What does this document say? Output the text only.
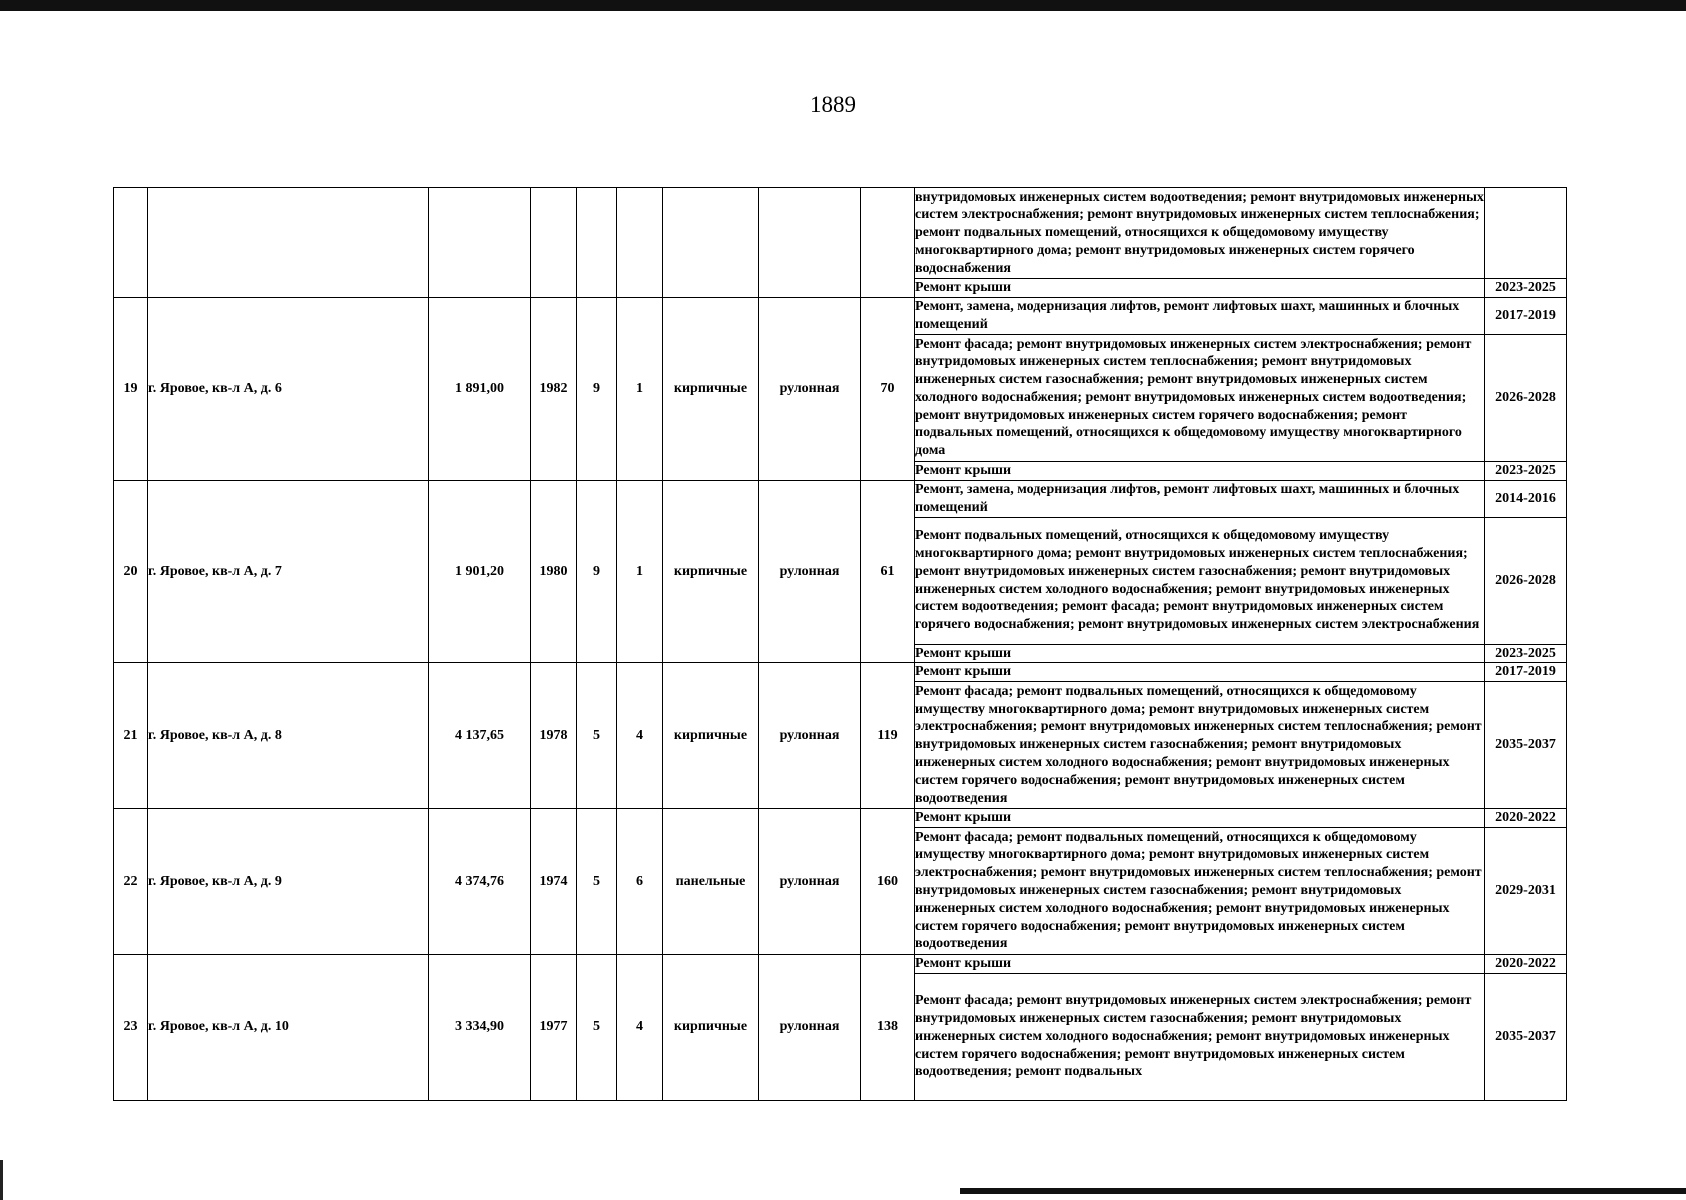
1889
									внутридомовых инженерных систем водоотведения; ремонт внутридомовых инженерных систем электроснабжения; ремонт внутридомовых инженерных систем теплоснабжения; ремонт подвальных помещений, относящихся к общедомовому имуществу многоквартирного дома; ремонт внутридомовых инженерных систем горячего водоснабжения	
									Ремонт крыши	2023-2025
19	г. Яровое, кв-л А, д. 6	1 891,00	1982	9	1	кирпичные	рулонная	70	Ремонт, замена, модернизация лифтов, ремонт лифтовых шахт, машинных и блочных помещений	2017-2019
									Ремонт фасада; ремонт внутридомовых инженерных систем электроснабжения; ремонт внутридомовых инженерных систем теплоснабжения; ремонт внутридомовых инженерных систем газоснабжения; ремонт внутридомовых инженерных систем холодного водоснабжения; ремонт внутридомовых инженерных систем водоотведения; ремонт внутридомовых инженерных систем горячего водоснабжения; ремонт подвальных помещений, относящихся к общедомовому имуществу многоквартирного дома	2026-2028
									Ремонт крыши	2023-2025
20	г. Яровое, кв-л А, д. 7	1 901,20	1980	9	1	кирпичные	рулонная	61	Ремонт, замена, модернизация лифтов, ремонт лифтовых шахт, машинных и блочных помещений	2014-2016
									Ремонт подвальных помещений, относящихся к общедомовому имуществу многоквартирного дома; ремонт внутридомовых инженерных систем теплоснабжения; ремонт внутридомовых инженерных систем газоснабжения; ремонт внутридомовых инженерных систем холодного водоснабжения; ремонт внутридомовых инженерных систем водоотведения; ремонт фасада; ремонт внутридомовых инженерных систем горячего водоснабжения; ремонт внутридомовых инженерных систем электроснабжения	2026-2028
									Ремонт крыши	2023-2025
21	г. Яровое, кв-л А, д. 8	4 137,65	1978	5	4	кирпичные	рулонная	119	Ремонт крыши	2017-2019
									Ремонт фасада; ремонт подвальных помещений, относящихся к общедомовому имуществу многоквартирного дома; ремонт внутридомовых инженерных систем электроснабжения; ремонт внутридомовых инженерных систем теплоснабжения; ремонт внутридомовых инженерных систем газоснабжения; ремонт внутридомовых инженерных систем холодного водоснабжения; ремонт внутридомовых инженерных систем горячего водоснабжения; ремонт внутридомовых инженерных систем водоотведения	2035-2037
22	г. Яровое, кв-л А, д. 9	4 374,76	1974	5	6	панельные	рулонная	160	Ремонт крыши	2020-2022
									Ремонт фасада; ремонт подвальных помещений, относящихся к общедомовому имуществу многоквартирного дома; ремонт внутридомовых инженерных систем электроснабжения; ремонт внутридомовых инженерных систем теплоснабжения; ремонт внутридомовых инженерных систем газоснабжения; ремонт внутридомовых инженерных систем холодного водоснабжения; ремонт внутридомовых инженерных систем горячего водоснабжения; ремонт внутридомовых инженерных систем водоотведения	2029-2031
23	г. Яровое, кв-л А, д. 10	3 334,90	1977	5	4	кирпичные	рулонная	138	Ремонт крыши	2020-2022
									Ремонт фасада; ремонт внутридомовых инженерных систем электроснабжения; ремонт внутридомовых инженерных систем газоснабжения; ремонт внутридомовых инженерных систем холодного водоснабжения; ремонт внутридомовых инженерных систем горячего водоснабжения; ремонт внутридомовых инженерных систем водоотведения; ремонт подвальных	2035-2037
